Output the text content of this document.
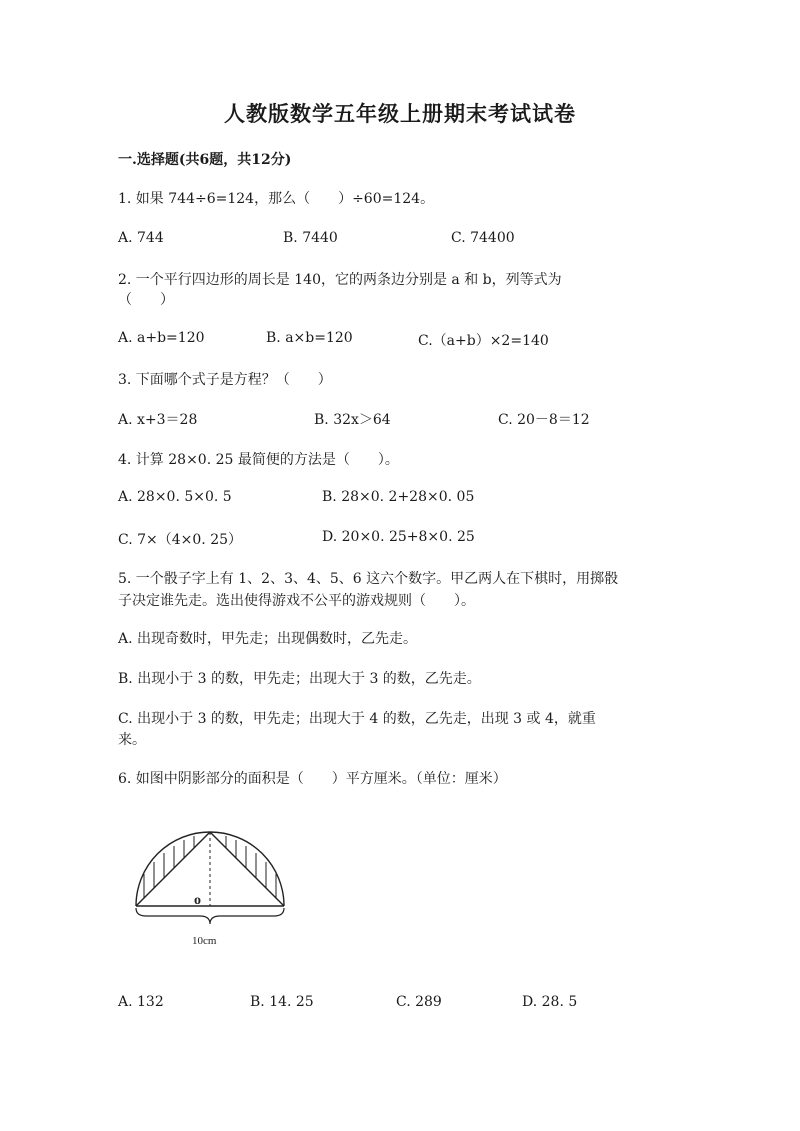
人教版数学五年级上册期末考试试卷
一.选择题(共6题，共12分)
1. 如果 744÷6=124，那么（　　）÷60=124。
A. 744	B. 7440	C. 74400
2. 一个平行四边形的周长是 140，它的两条边分别是 a 和 b，列等式为
（　　）
A. a+b=120	B. a×b=120	C.（a+b）×2=140
3. 下面哪个式子是方程？（　　）
A. x+3＝28	B. 32x＞64	C. 20－8＝12
4. 计算 28×0. 25 最简便的方法是（　　）。
A. 28×0. 5×0. 5	B. 28×0. 2+28×0. 05
C. 7×（4×0. 25）	D. 20×0. 25+8×0. 25
5. 一个骰子字上有 1、2、3、4、5、6 这六个数字。甲乙两人在下棋时，用掷骰
子决定谁先走。选出使得游戏不公平的游戏规则（　　）。
A. 出现奇数时，甲先走；出现偶数时，乙先走。
B. 出现小于 3 的数，甲先走；出现大于 3 的数，乙先走。
C. 出现小于 3 的数，甲先走；出现大于 4 的数，乙先走，出现 3 或 4，就重
来。
6. 如图中阴影部分的面积是（　　）平方厘米。（单位：厘米）
o
10cm
A. 132	B. 14. 25	C. 289	D. 28. 5
